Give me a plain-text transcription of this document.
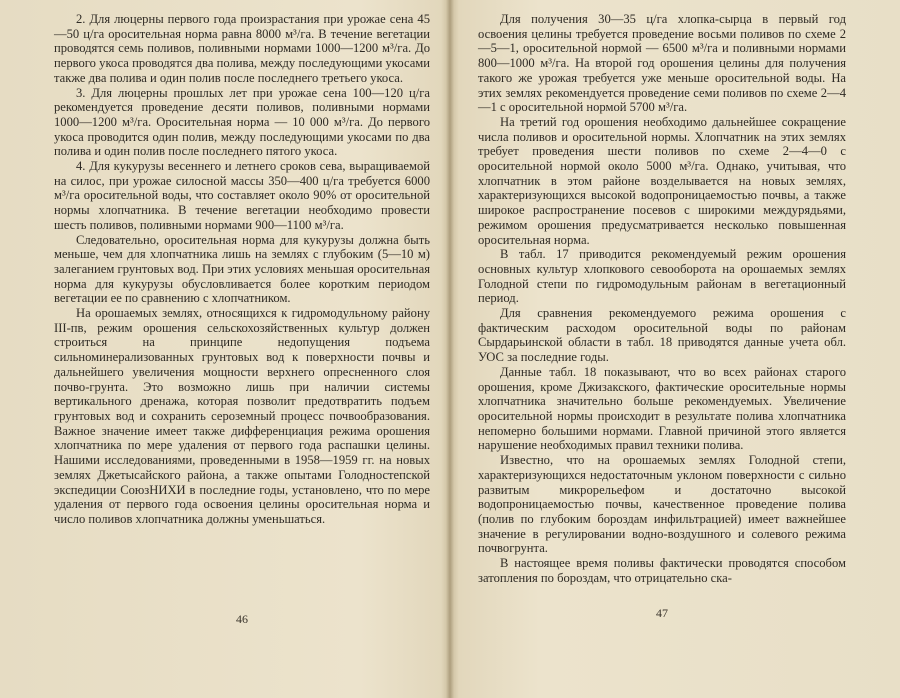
2. Для люцерны первого года произрастания при урожае сена 45—50 ц/га оросительная норма равна 8000 м³/га. В течение вегетации проводятся семь поливов, поливными нормами 1000—1200 м³/га. До первого укоса проводятся два полива, между последующими укосами также два полива и один полив после последнего третьего укоса.

3. Для люцерны прошлых лет при урожае сена 100—120 ц/га рекомендуется проведение десяти поливов, поливными нормами 1000—1200 м³/га. Оросительная норма — 10 000 м³/га. До первого укоса проводится один полив, между последующими укосами по два полива и один полив после последнего пятого укоса.

4. Для кукурузы весеннего и летнего сроков сева, выращиваемой на силос, при урожае силосной массы 350—400 ц/га требуется 6000 м³/га оросительной воды, что составляет около 90% от оросительной нормы хлопчатника. В течение вегетации необходимо провести шесть поливов, поливными нормами 900—1100 м³/га.

Следовательно, оросительная норма для кукурузы должна быть меньше, чем для хлопчатника лишь на землях с глубоким (5—10 м) залеганием грунтовых вод. При этих условиях меньшая оросительная норма для кукурузы обусловливается более коротким периодом вегетации ее по сравнению с хлопчатником.

На орошаемых землях, относящихся к гидромодульному району III-пв, режим орошения сельскохозяйственных культур должен строиться на принципе недопущения подъема сильноминерализованных грунтовых вод к поверхности почвы и дальнейшего увеличения мощности верхнего опресненного слоя почво-грунта. Это возможно лишь при наличии системы вертикального дренажа, которая позволит предотвратить подъем грунтовых вод и сохранить сероземный процесс почвообразования. Важное значение имеет также дифференциация режима орошения хлопчатника по мере удаления от первого года распашки целины. Нашими исследованиями, проведенными в 1958—1959 гг. на новых землях Джетысайского района, а также опытами Голодностепской экспедиции СоюзНИХИ в последние годы, установлено, что по мере удаления от первого года освоения целины оросительная норма и число поливов хлопчатника должны уменьшаться.

46

Для получения 30—35 ц/га хлопка-сырца в первый год освоения целины требуется проведение восьми поливов по схеме 2—5—1, оросительной нормой — 6500 м³/га и поливными нормами 800—1000 м³/га. На второй год орошения целины для получения такого же урожая требуется уже меньше оросительной воды. На этих землях рекомендуется проведение семи поливов по схеме 2—4—1 с оросительной нормой 5700 м³/га.

На третий год орошения необходимо дальнейшее сокращение числа поливов и оросительной нормы. Хлопчатник на этих землях требует проведения шести поливов по схеме 2—4—0 с оросительной нормой около 5000 м³/га. Однако, учитывая, что хлопчатник в этом районе возделывается на новых землях, характеризующихся высокой водопроницаемостью почвы, а также широкое распространение посевов с широкими междурядьями, режимом орошения предусматривается несколько повышенная оросительная норма.

В табл. 17 приводится рекомендуемый режим орошения основных культур хлопкового севооборота на орошаемых землях Голодной степи по гидромодульным районам в вегетационный период.

Для сравнения рекомендуемого режима орошения с фактическим расходом оросительной воды по районам Сырдарьинской области в табл. 18 приводятся данные учета обл. УОС за последние годы.

Данные табл. 18 показывают, что во всех районах старого орошения, кроме Джизакского, фактические оросительные нормы хлопчатника значительно больше рекомендуемых. Увеличение оросительной нормы происходит в результате полива хлопчатника непомерно большими нормами. Главной причиной этого является нарушение необходимых правил техники полива.

Известно, что на орошаемых землях Голодной степи, характеризующихся недостаточным уклоном поверхности с сильно развитым микрорельефом и достаточно высокой водопроницаемостью почвы, качественное проведение полива (полив по глубоким бороздам инфильтрацией) имеет важнейшее значение в регулировании водно-воздушного и солевого режима почвогрунта.

В настоящее время поливы фактически проводятся способом затопления по бороздам, что отрицательно ска-

47
